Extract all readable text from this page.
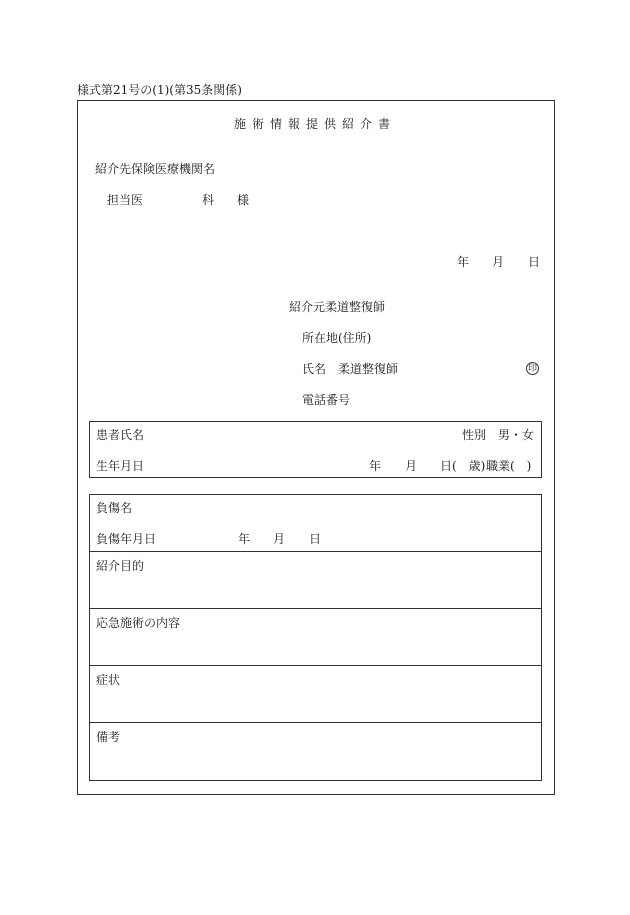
様式第21号の(1)(第35条関係)
施術情報提供紹介書
紹介先保険医療機関名
担当医	科 様
年 月 日
紹介元柔道整復師
所在地(住所)
氏名　柔道整復師	印
電話番号
患者氏名	性別　男・女
生年月日	年 月 日(　歳) 職業(　)
負傷名
負傷年月日	年 月 日
紹介目的
応急施術の内容
症状
備考
